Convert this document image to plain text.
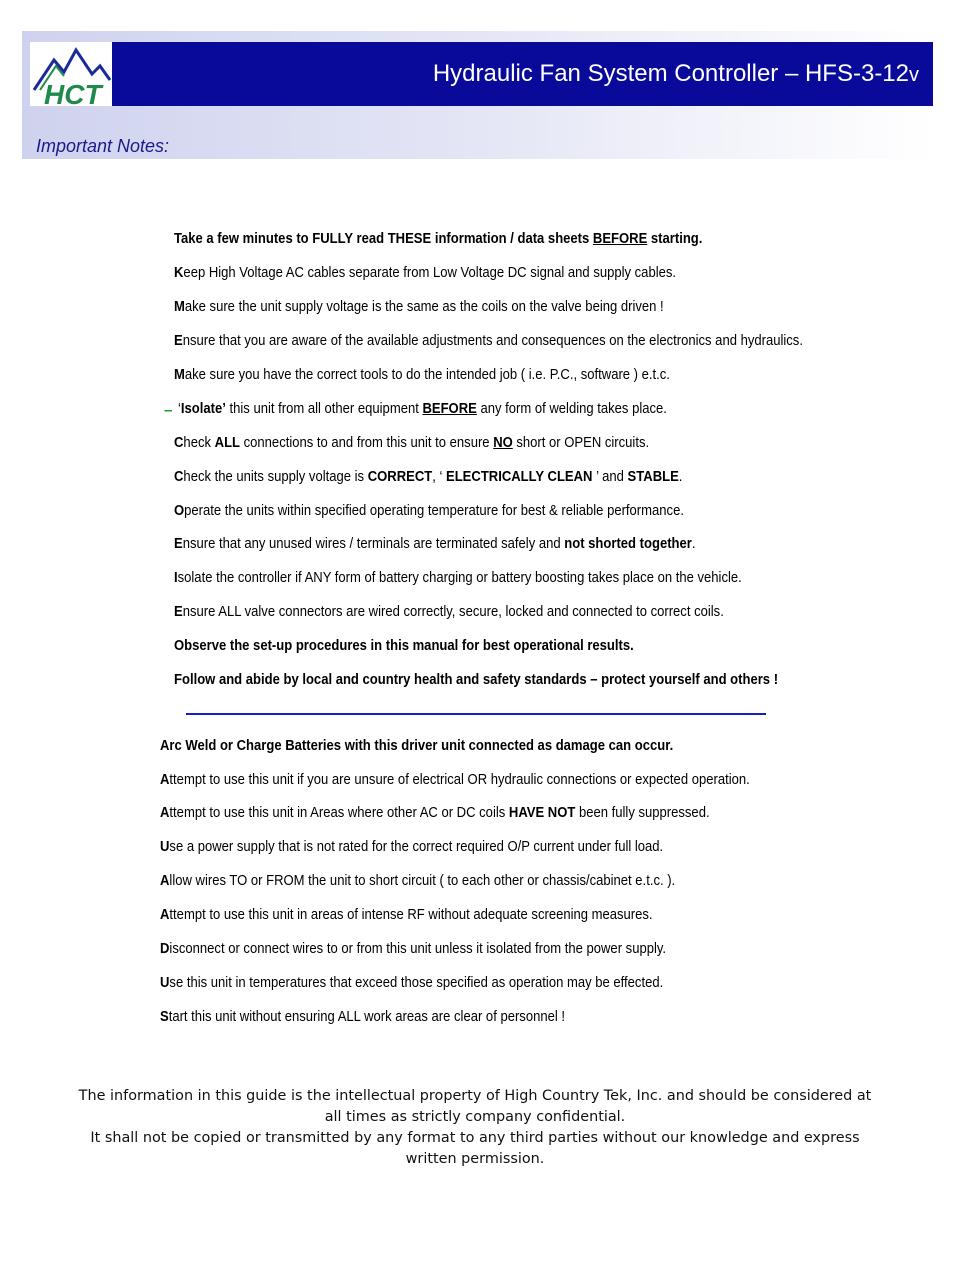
HCT
Hydraulic Fan System Controller – HFS-3-12v
Important Notes:
Take a few minutes to FULLY read THESE information / data sheets BEFORE starting.
Keep High Voltage AC cables separate from Low Voltage DC signal and supply cables.
Make sure the unit supply voltage is the same as the coils on the valve being driven !
Ensure that you are aware of the available adjustments and consequences on the electronics and hydraulics.
Make sure you have the correct tools to do the intended job ( i.e. P.C., software ) e.t.c.
– ‘Isolate’ this unit from all other equipment BEFORE any form of welding takes place.
Check ALL connections to and from this unit to ensure NO short or OPEN circuits.
Check the units supply voltage is CORRECT, ‘ ELECTRICALLY CLEAN ’ and STABLE.
Operate the units within specified operating temperature for best & reliable performance.
Ensure that any unused wires / terminals are terminated safely and not shorted together.
Isolate the controller if ANY form of battery charging or battery boosting takes place on the vehicle.
Ensure ALL valve connectors are wired correctly, secure, locked and connected to correct coils.
Observe the set-up procedures in this manual for best operational results.
Follow and abide by local and country health and safety standards – protect yourself and others !
Arc Weld or Charge Batteries with this driver unit connected as damage can occur.
Attempt to use this unit if you are unsure of electrical OR hydraulic connections or expected operation.
Attempt to use this unit in Areas where other AC or DC coils HAVE NOT been fully suppressed.
Use a power supply that is not rated for the correct required O/P current under full load.
Allow wires TO or FROM the unit to short circuit ( to each other or chassis/cabinet e.t.c. ).
Attempt to use this unit in areas of intense RF without adequate screening measures.
Disconnect or connect wires to or from this unit unless it isolated from the power supply.
Use this unit in temperatures that exceed those specified as operation may be effected.
Start this unit without ensuring ALL work areas are clear of personnel !
The information in this guide is the intellectual property of High Country Tek, Inc. and should be considered at
all times as strictly company confidential.
It shall not be copied or transmitted by any format to any third parties without our knowledge and express
written permission.
